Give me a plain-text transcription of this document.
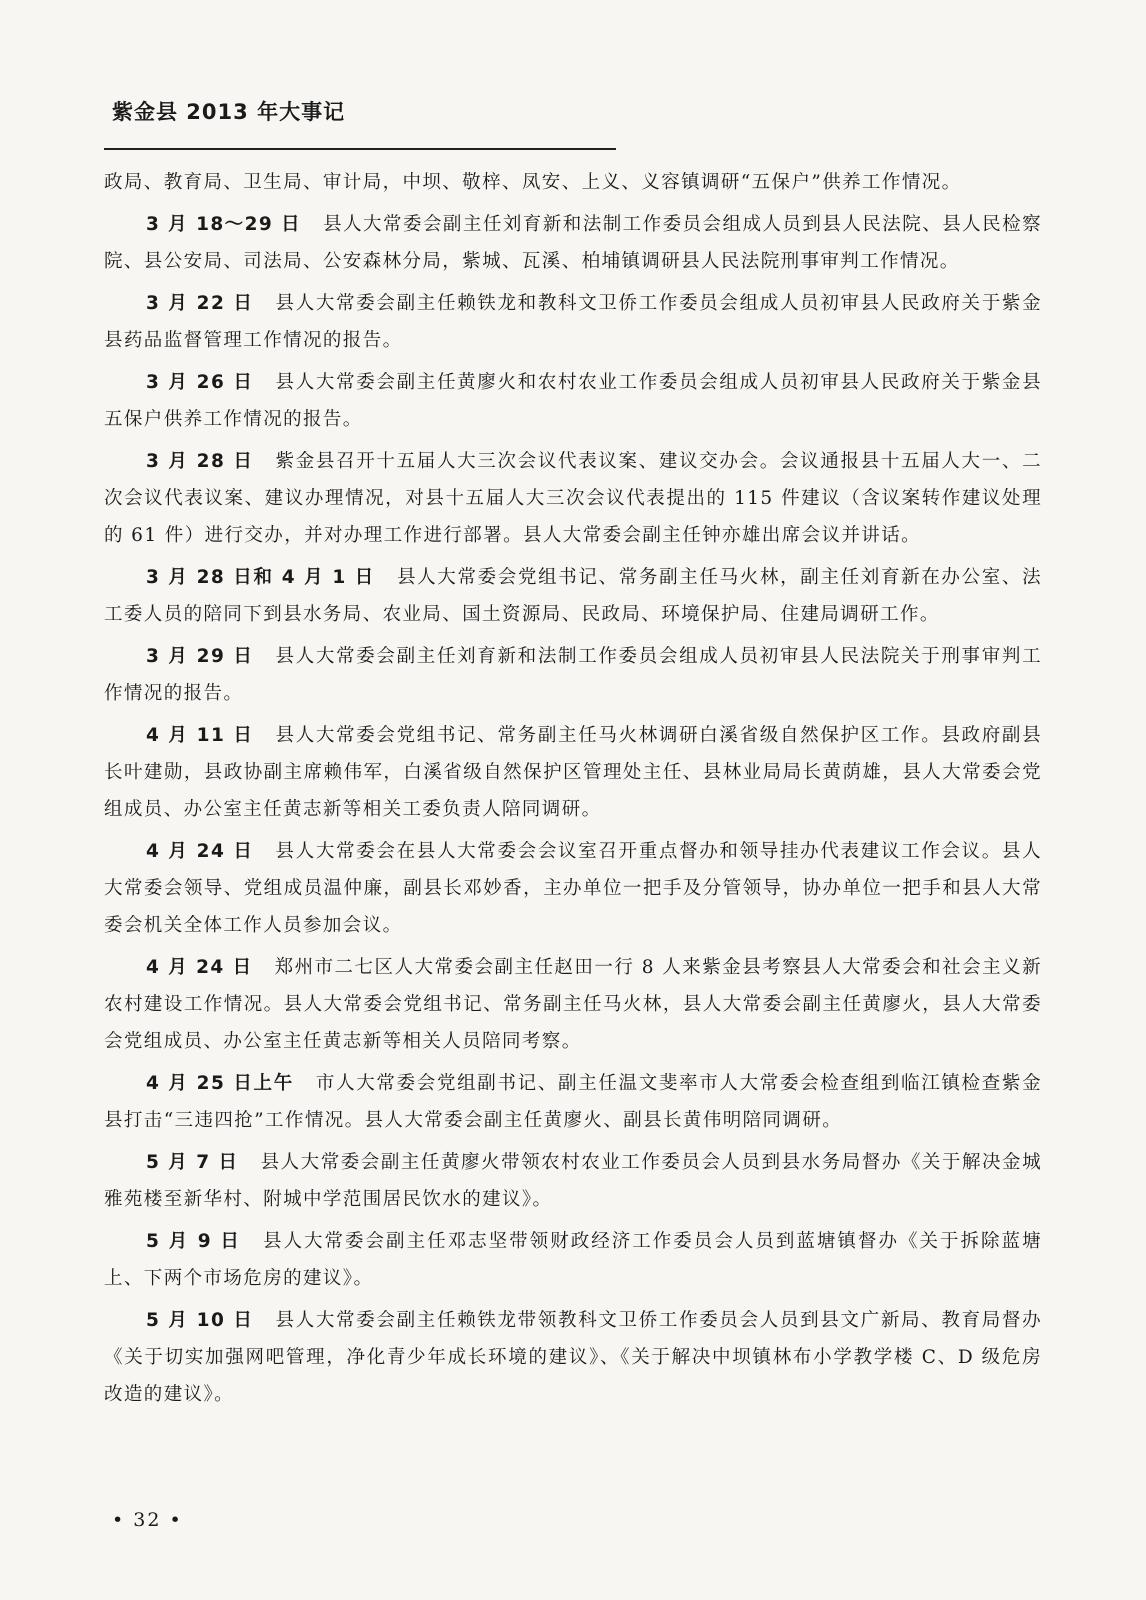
紫金县 2013 年大事记

政局、教育局、卫生局、审计局，中坝、敬梓、凤安、上义、义容镇调研“五保户”供养工作情况。

3 月 18～29 日 县人大常委会副主任刘育新和法制工作委员会组成人员到县人民法院、县人民检察院、县公安局、司法局、公安森林分局，紫城、瓦溪、柏埔镇调研县人民法院刑事审判工作情况。

3 月 22 日 县人大常委会副主任赖铁龙和教科文卫侨工作委员会组成人员初审县人民政府关于紫金县药品监督管理工作情况的报告。

3 月 26 日 县人大常委会副主任黄廖火和农村农业工作委员会组成人员初审县人民政府关于紫金县五保户供养工作情况的报告。

3 月 28 日 紫金县召开十五届人大三次会议代表议案、建议交办会。会议通报县十五届人大一、二次会议代表议案、建议办理情况，对县十五届人大三次会议代表提出的 115 件建议（含议案转作建议处理的 61 件）进行交办，并对办理工作进行部署。县人大常委会副主任钟亦雄出席会议并讲话。

3 月 28 日和 4 月 1 日 县人大常委会党组书记、常务副主任马火林，副主任刘育新在办公室、法工委人员的陪同下到县水务局、农业局、国土资源局、民政局、环境保护局、住建局调研工作。

3 月 29 日 县人大常委会副主任刘育新和法制工作委员会组成人员初审县人民法院关于刑事审判工作情况的报告。

4 月 11 日 县人大常委会党组书记、常务副主任马火林调研白溪省级自然保护区工作。县政府副县长叶建勋，县政协副主席赖伟军，白溪省级自然保护区管理处主任、县林业局局长黄荫雄，县人大常委会党组成员、办公室主任黄志新等相关工委负责人陪同调研。

4 月 24 日 县人大常委会在县人大常委会会议室召开重点督办和领导挂办代表建议工作会议。县人大常委会领导、党组成员温仲廉，副县长邓妙香，主办单位一把手及分管领导，协办单位一把手和县人大常委会机关全体工作人员参加会议。

4 月 24 日 郑州市二七区人大常委会副主任赵田一行 8 人来紫金县考察县人大常委会和社会主义新农村建设工作情况。县人大常委会党组书记、常务副主任马火林，县人大常委会副主任黄廖火，县人大常委会党组成员、办公室主任黄志新等相关人员陪同考察。

4 月 25 日上午 市人大常委会党组副书记、副主任温文斐率市人大常委会检查组到临江镇检查紫金县打击“三违四抢”工作情况。县人大常委会副主任黄廖火、副县长黄伟明陪同调研。

5 月 7 日 县人大常委会副主任黄廖火带领农村农业工作委员会人员到县水务局督办《关于解决金城雅苑楼至新华村、附城中学范围居民饮水的建议》。

5 月 9 日 县人大常委会副主任邓志坚带领财政经济工作委员会人员到蓝塘镇督办《关于拆除蓝塘上、下两个市场危房的建议》。

5 月 10 日 县人大常委会副主任赖铁龙带领教科文卫侨工作委员会人员到县文广新局、教育局督办《关于切实加强网吧管理，净化青少年成长环境的建议》、《关于解决中坝镇林布小学教学楼 C、D 级危房改造的建议》。

• 32 •
